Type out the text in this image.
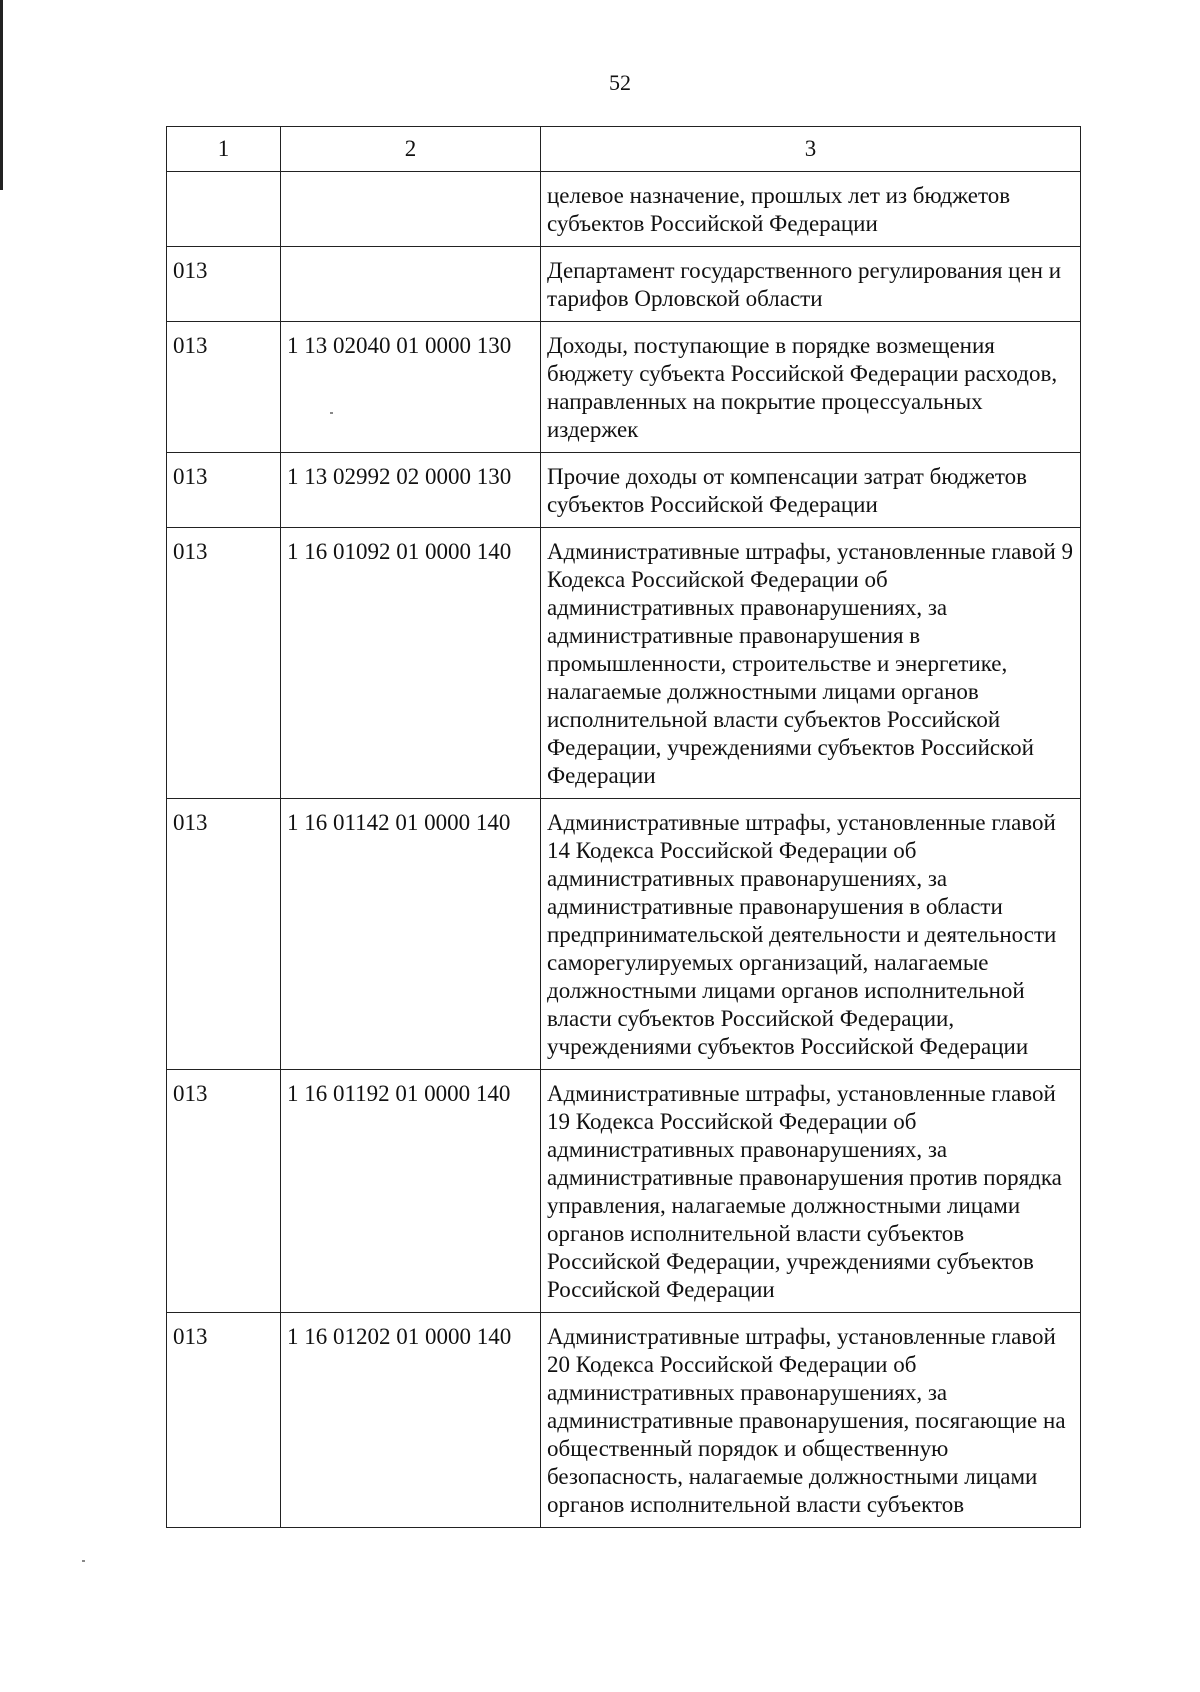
52
1	2	3
		целевое назначение, прошлых лет из бюджетов субъектов Российской Федерации
013		Департамент государственного регулирования цен и тарифов Орловской области
013	1 13 02040 01 0000 130	Доходы, поступающие в порядке возмещения бюджету субъекта Российской Федерации расходов, направленных на покрытие процессуальных издержек
013	1 13 02992 02 0000 130	Прочие доходы от компенсации затрат бюджетов субъектов Российской Федерации
013	1 16 01092 01 0000 140	Административные штрафы, установленные главой 9 Кодекса Российской Федерации об административных правонарушениях, за административные правонарушения в промышленности, строительстве и энергетике, налагаемые должностными лицами органов исполнительной власти субъектов Российской Федерации, учреждениями субъектов Российской Федерации
013	1 16 01142 01 0000 140	Административные штрафы, установленные главой 14 Кодекса Российской Федерации об административных правонарушениях, за административные правонарушения в области предпринимательской деятельности и деятельности саморегулируемых организаций, налагаемые должностными лицами органов исполнительной власти субъектов Российской Федерации, учреждениями субъектов Российской Федерации
013	1 16 01192 01 0000 140	Административные штрафы, установленные главой 19 Кодекса Российской Федерации об административных правонарушениях, за административные правонарушения против порядка управления, налагаемые должностными лицами органов исполнительной власти субъектов Российской Федерации, учреждениями субъектов Российской Федерации
013	1 16 01202 01 0000 140	Административные штрафы, установленные главой 20 Кодекса Российской Федерации об административных правонарушениях, за административные правонарушения, посягающие на общественный порядок и общественную безопасность, налагаемые должностными лицами органов исполнительной власти субъектов
